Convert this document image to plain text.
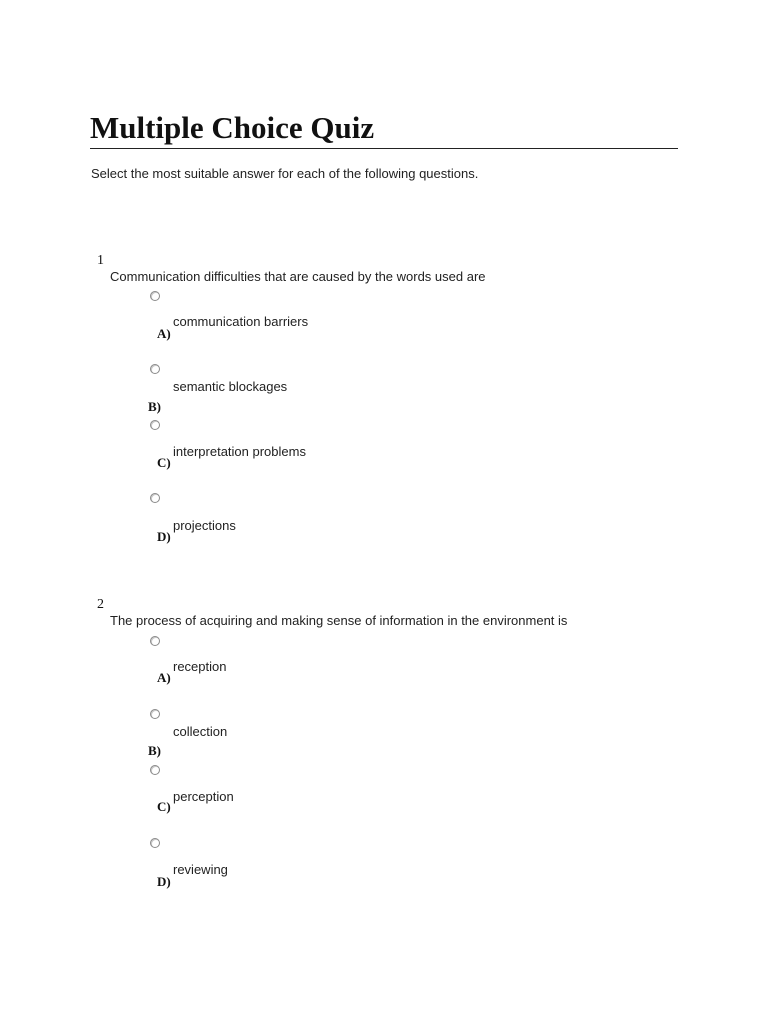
Multiple Choice Quiz
Select the most suitable answer for each of the following questions.
1
Communication difficulties that are caused by the words used are
communication barriers
A)
semantic blockages
B)
interpretation problems
C)
projections
D)
2
The process of acquiring and making sense of information in the environment is
reception
A)
collection
B)
perception
C)
reviewing
D)
